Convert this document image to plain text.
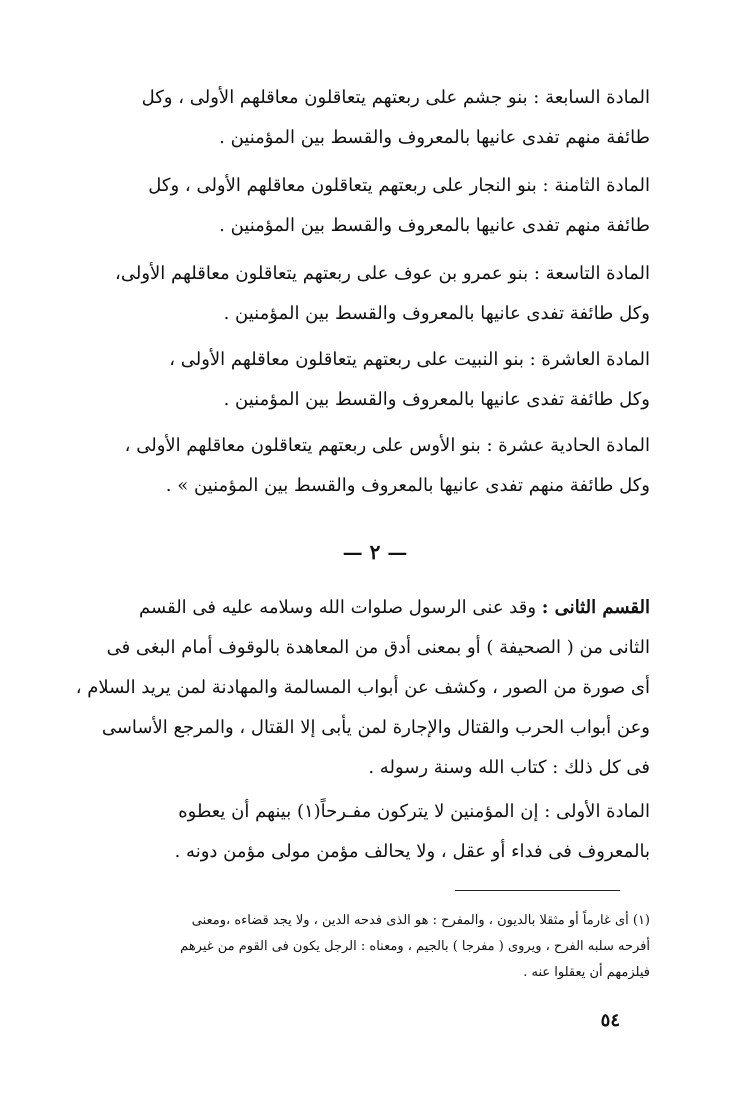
المادة السابعة : بنو جشم على ربعتهم يتعاقلون معاقلهم الأولى ، وكل
طائفة منهم تفدى عانيها بالمعروف والقسط بين المؤمنين .
المادة الثامنة : بنو النجار على ربعتهم يتعاقلون معاقلهم الأولى ، وكل
طائفة منهم تفدى عانيها بالمعروف والقسط بين المؤمنين .
المادة التاسعة : بنو عمرو بن عوف على ربعتهم يتعاقلون معاقلهم الأولى،
وكل طائفة تفدى عانيها بالمعروف والقسط بين المؤمنين .
المادة العاشرة : بنو النبيت على ربعتهم يتعاقلون معاقلهم الأولى ،
وكل طائفة تفدى عانيها بالمعروف والقسط بين المؤمنين .
المادة الحادية عشرة : بنو الأوس على ربعتهم يتعاقلون معاقلهم الأولى ،
وكل طائفة منهم تفدى عانيها بالمعروف والقسط بين المؤمنين » .
— ٢ —
القسم الثانى : وقد عنى الرسول صلوات الله وسلامه عليه فى القسم
الثانى من ( الصحيفة ) أو بمعنى أدق من المعاهدة بالوقوف أمام البغى فى
أى صورة من الصور ، وكشف عن أبواب المسالمة والمهادنة لمن يريد السلام ،
وعن أبواب الحرب والقتال والإجارة لمن يأبى إلا القتال ، والمرجع الأساسى
فى كل ذلك : كتاب الله وسنة رسوله .
المادة الأولى : إن المؤمنين لا يتركون مفـرحاً(١) بينهم أن يعطوه
بالمعروف فى فداء أو عقل ، ولا يحالف مؤمن مولى مؤمن دونه .
(١) أى غارماً أو مثقلا بالديون ، والمفرح : هو الذى فدحه الدين ، ولا يجد قضاءه ،ومعنى
أفرحه سلبه الفرح ، ويروى ( مفرجا ) بالجيم ، ومعناه : الرجل يكون فى القوم من غيرهم
فيلزمهم أن يعقلوا عنه .
٥٤
